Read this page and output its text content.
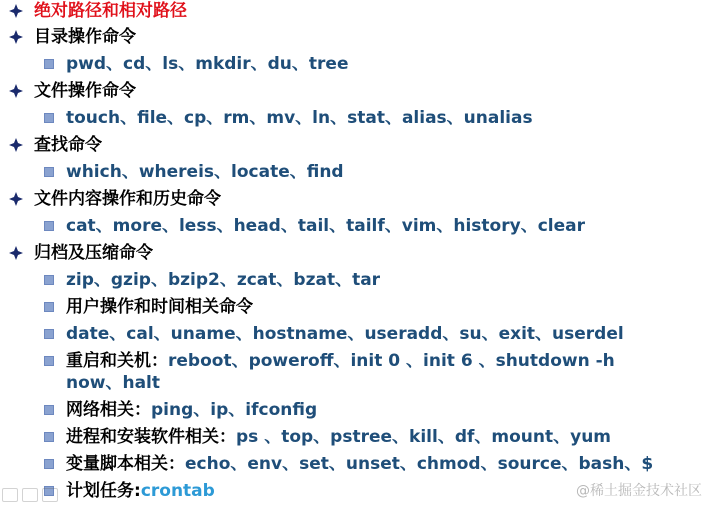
绝对路径和相对路径
目录操作命令
pwd、cd、ls、mkdir、du、tree
文件操作命令
touch、file、cp、rm、mv、ln、stat、alias、unalias
查找命令
which、whereis、locate、find
文件内容操作和历史命令
cat、more、less、head、tail、tailf、vim、history、clear
归档及压缩命令
zip、gzip、bzip2、zcat、bzat、tar
用户操作和时间相关命令
date、cal、uname、hostname、useradd、su、exit、userdel
重启和关机：reboot、poweroff、init 0 、init 6 、shutdown -h now、halt
网络相关： ping、ip、ifconfig
进程和安装软件相关： ps 、top、pstree、kill、df、mount、yum
变量脚本相关： echo、env、set、unset、chmod、source、bash、$
计划任务: crontab	@稀土掘金技术社区
